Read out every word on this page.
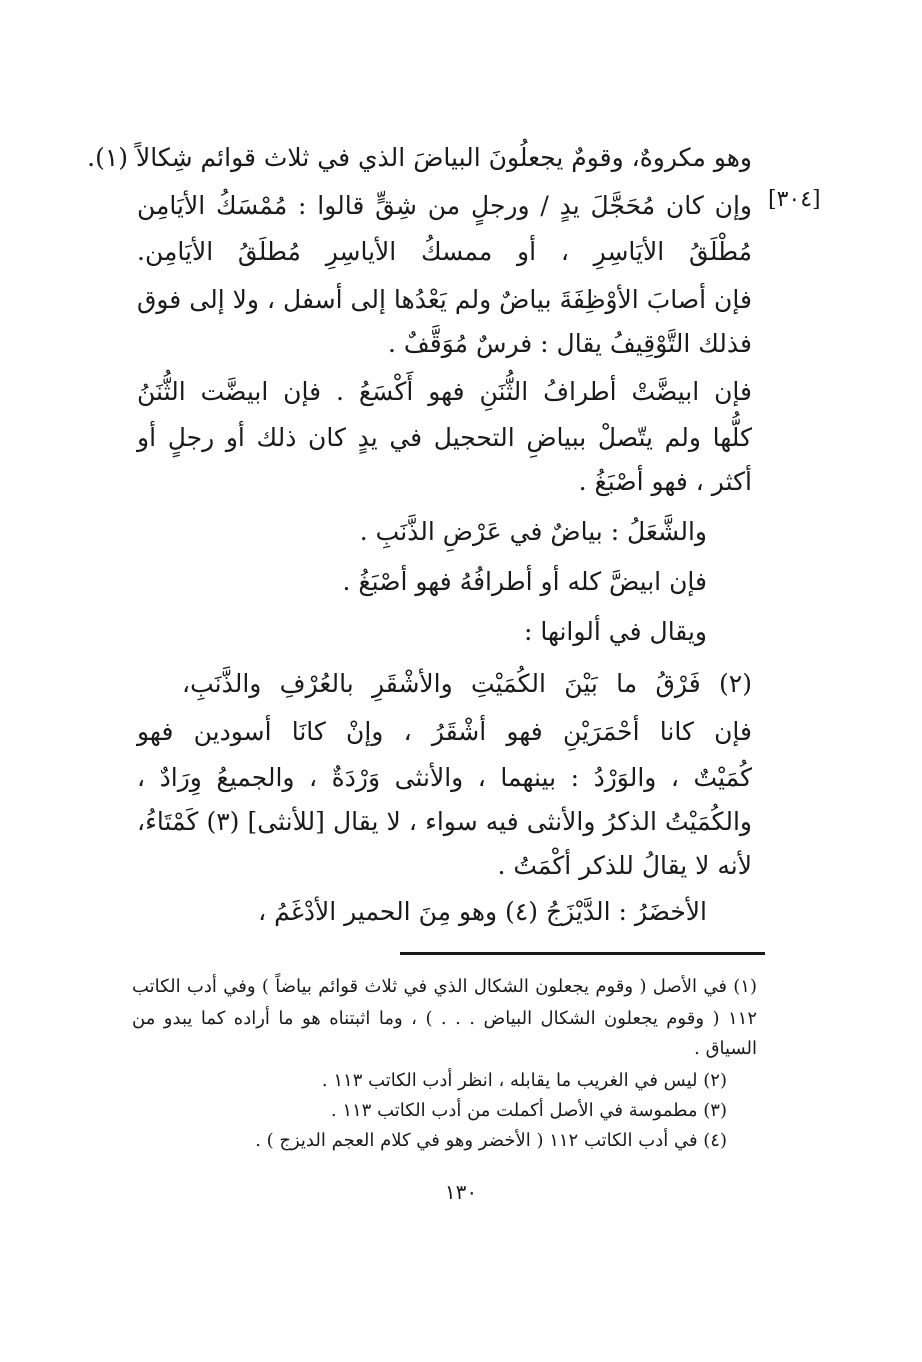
[٣٠٤]
وهو مكروهٌ، وقومٌ يجعلُونَ البياضَ الذي في ثلاث قوائم شِكالاً (١).
وإن كان مُحَجَّلَ يدٍ / ورجلٍ من شِقٍّ قالوا : مُمْسَكُ الأيَامِن
مُطْلَقُ الأيَاسِرِ ، أو ممسكُ الأياسِرِ مُطلَقُ الأيَامِن.
فإن أصابَ الأوْظِفَةَ بياضٌ ولم يَعْدُها إلى أسفل ، ولا إلى فوق
فذلك التَّوْقِيفُ يقال : فرسٌ مُوَقَّفٌ .
فإن ابيضَّتْ أطرافُ الثُّنَنِ فهو أَكْسَعُ . فإن ابيضَّت الثُّنَنُ
كلُّها ولم يتّصلْ ببياضِ التحجيل في يدٍ كان ذلك أو رجلٍ أو
أكثر ، فهو أصْبَغُ .
والشَّعَلُ : بياضٌ في عَرْضِ الذَّنَبِ .
فإن ابيضَّ كله أو أطرافُهُ فهو أصْبَغُ .
ويقال في ألوانها :
(٢) فَرْقُ ما بَيْنَ الكُمَيْتِ والأشْقَرِ بالعُرْفِ والذَّنَبِ،
فإن كانا أحْمَرَيْنِ فهو أشْقَرُ ، وإنْ كانَا أسودين فهو
كُمَيْتٌ ، والوَرْدُ : بينهما ، والأنثى وَرْدَةٌ ، والجميعُ وِرَادٌ ،
والكُمَيْتُ الذكرُ والأنثى فيه سواء ، لا يقال [للأنثى] (٣) كَمْتَاءُ،
لأنه لا يقالُ للذكر أكْمَتُ .
الأخضَرُ : الدَّيْزَجُ (٤) وهو مِنَ الحمير الأدْغَمُ ،
(١) في الأصل ( وقوم يجعلون الشكال الذي في ثلاث قوائم بياضاً ) وفي أدب الكاتب
١١٢ ( وقوم يجعلون الشكال البياض . . . ) ، وما اثبتناه هو ما أراده كما يبدو من
السياق .
(٢) ليس في الغريب ما يقابله ، انظر أدب الكاتب ١١٣ .
(٣) مطموسة في الأصل أكملت من أدب الكاتب ١١٣ .
(٤) في أدب الكاتب ١١٢ ( الأخضر وهو في كلام العجم الديزج ) .
١٣٠
